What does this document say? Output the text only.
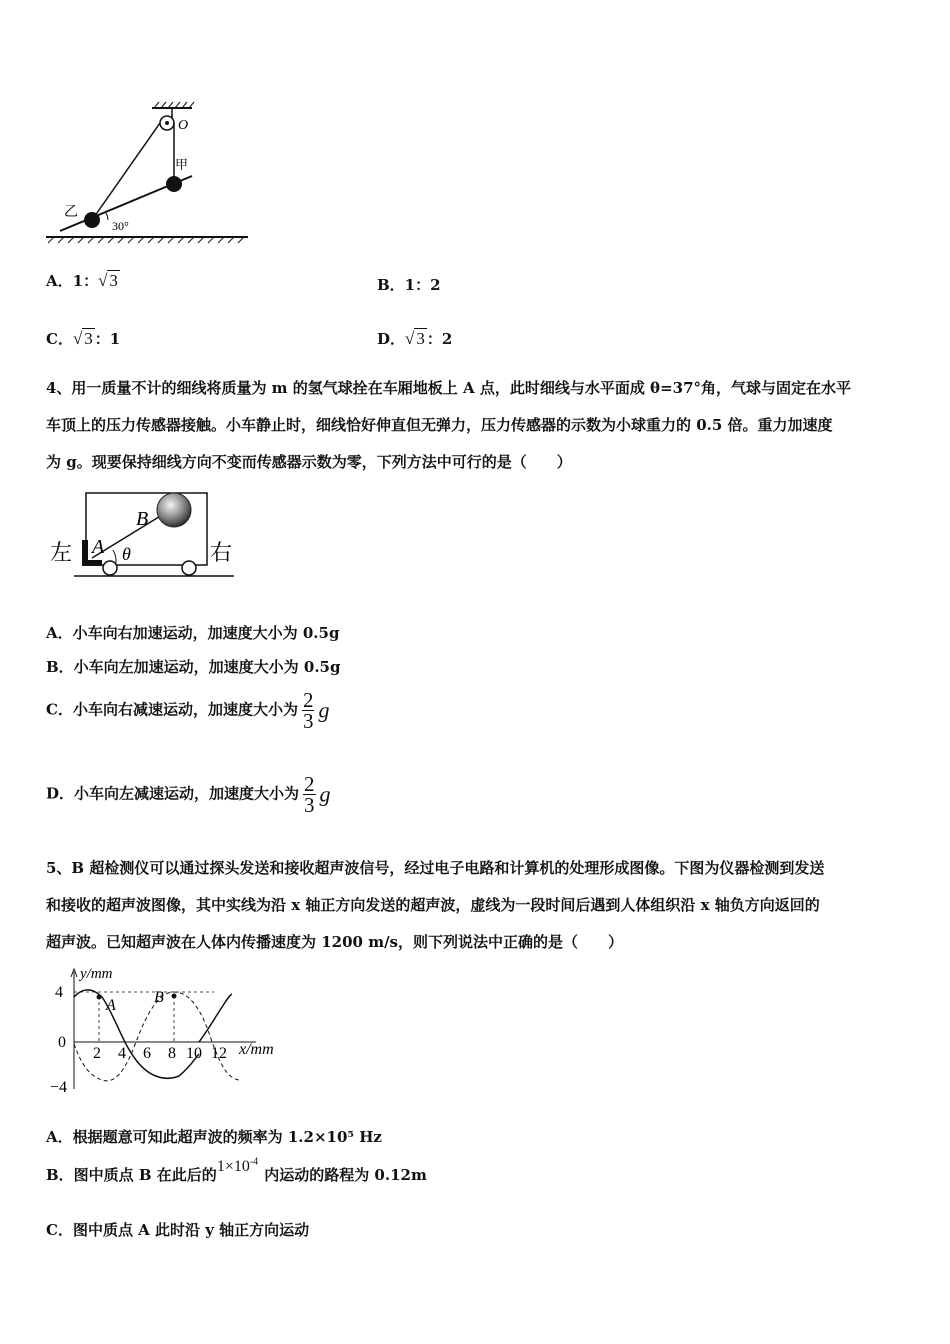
O
甲
乙
30°
A．1：√ 3	B．1：2
C．√ 3 ：1	D．√ 3 ：2
4、用一质量不计的细线将质量为 m 的氢气球拴在车厢地板上 A 点，此时细线与水平面成 θ=37°角，气球与固定在水平
车顶上的压力传感器接触。小车静止时，细线恰好伸直但无弹力，压力传感器的示数为小球重力的 0.5 倍。重力加速度
为 g。现要保持细线方向不变而传感器示数为零，下列方法中可行的是（　　）
B
A θ
左	右
A．小车向右加速运动，加速度大小为 0.5g
B．小车向左加速运动，加速度大小为 0.5g
C．小车向右减速运动，加速度大小为 $\frac{2}{3}$ g
D．小车向左减速运动，加速度大小为 $\frac{2}{3}$ g
5、B 超检测仪可以通过探头发送和接收超声波信号，经过电子电路和计算机的处理形成图像。下图为仪器检测到发送
和接收的超声波图像，其中实线为沿 x 轴正方向发送的超声波，虚线为一段时间后遇到人体组织沿 x 轴负方向返回的
超声波。已知超声波在人体内传播速度为 1200 m/s，则下列说法中正确的是（　　）
y/mm
x/mm
4
0
−4
2 4 6 8 10 12
A B
A．根据题意可知此超声波的频率为 1.2×10⁵ Hz
B．图中质点 B 在此后的$1\times 10^{-4}$内运动的路程为 0.12m
C．图中质点 A 此时沿 y 轴正方向运动
